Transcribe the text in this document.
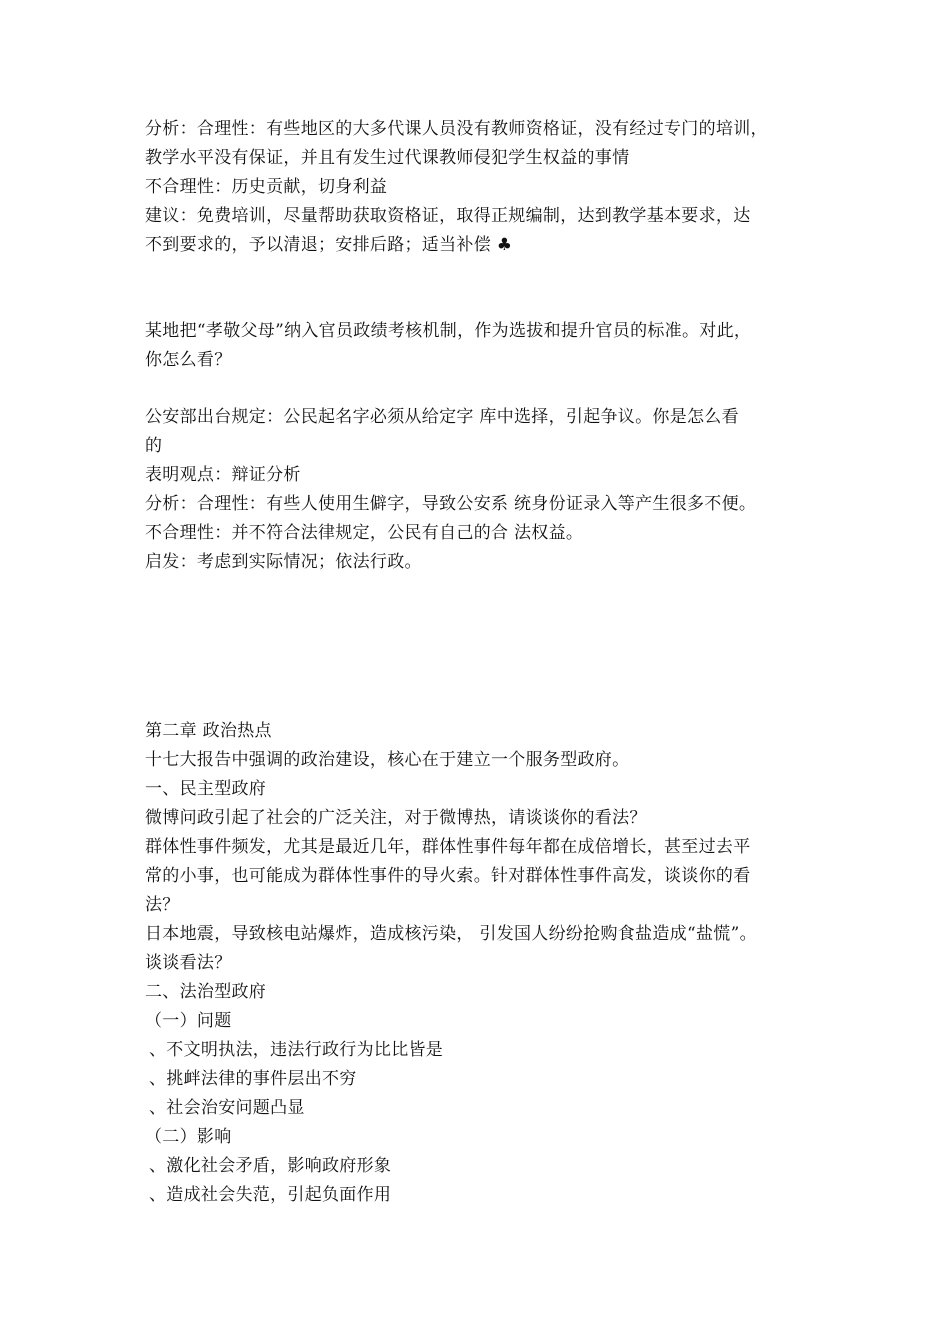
分析：合理性：有些地区的大多代课人员没有教师资格证，没有经过专门的培训，
教学水平没有保证，并且有发生过代课教师侵犯学生权益的事情
不合理性：历史贡献，切身利益
建议：免费培训，尽量帮助获取资格证，取得正规编制，达到教学基本要求，达
不到要求的，予以清退；安排后路；适当补偿 ♣
某地把“孝敬父母”纳入官员政绩考核机制，作为选拔和提升官员的标准。对此，
你怎么看？
公安部出台规定：公民起名字必须从给定字 库中选择，引起争议。你是怎么看
的
表明观点：辩证分析
分析：合理性：有些人使用生僻字，导致公安系 统身份证录入等产生很多不便。
不合理性：并不符合法律规定，公民有自己的合 法权益。
启发：考虑到实际情况；依法行政。
第二章 政治热点
十七大报告中强调的政治建设，核心在于建立一个服务型政府。
一、民主型政府
微博问政引起了社会的广泛关注，对于微博热，请谈谈你的看法？
群体性事件频发，尤其是最近几年，群体性事件每年都在成倍增长，甚至过去平
常的小事，也可能成为群体性事件的导火索。针对群体性事件高发，谈谈你的看
法？
日本地震，导致核电站爆炸，造成核污染， 引发国人纷纷抢购食盐造成“盐慌”。
谈谈看法？
二、法治型政府
（一）问题
、不文明执法，违法行政行为比比皆是
、挑衅法律的事件层出不穷
、社会治安问题凸显
（二）影响
、激化社会矛盾，影响政府形象
、造成社会失范，引起负面作用
